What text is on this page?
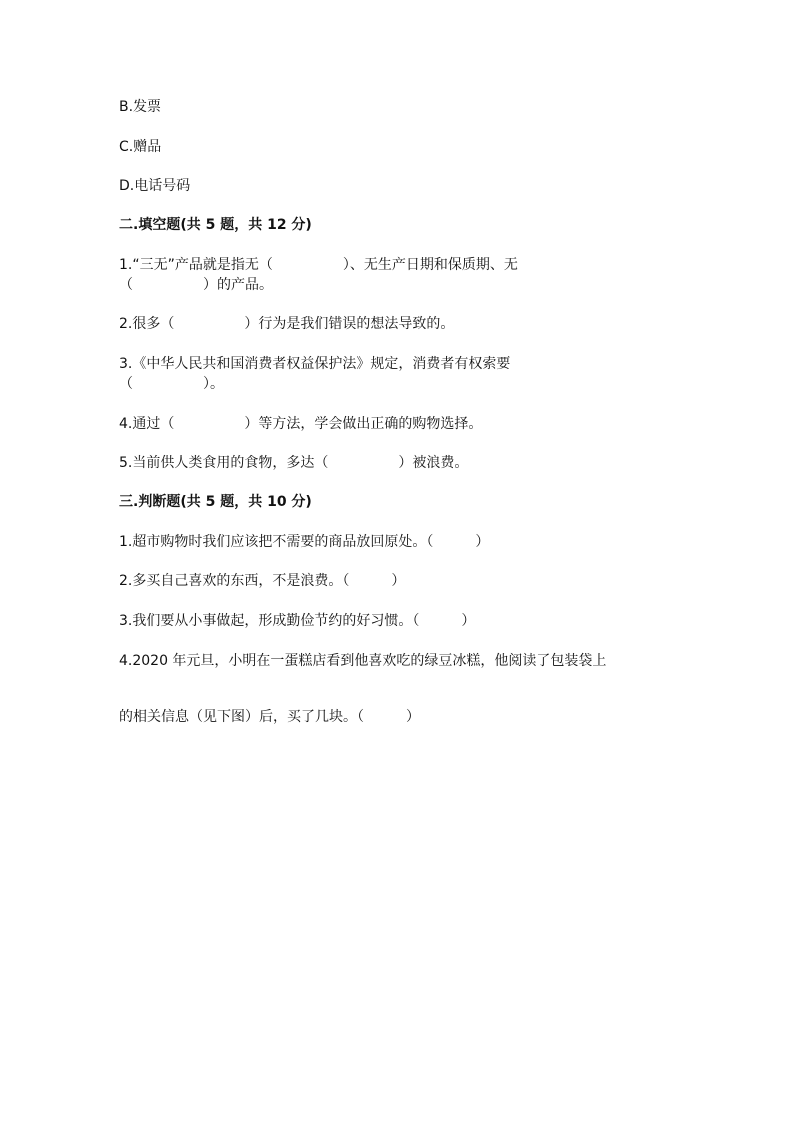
B.发票
C.赠品
D.电话号码
二.填空题(共 5 题，共 12 分)
1.“三无”产品就是指无（　　　　　）、无生产日期和保质期、无
（　　　　　）的产品。
2.很多（　　　　　）行为是我们错误的想法导致的。
3.《中华人民共和国消费者权益保护法》规定，消费者有权索要
（　　　　　）。
4.通过（　　　　　）等方法，学会做出正确的购物选择。
5.当前供人类食用的食物，多达（　　　　　）被浪费。
三.判断题(共 5 题，共 10 分)
1.超市购物时我们应该把不需要的商品放回原处。（　　　）
2.多买自己喜欢的东西，不是浪费。（　　　）
3.我们要从小事做起，形成勤俭节约的好习惯。（　　　）
4.2020 年元旦，小明在一蛋糕店看到他喜欢吃的绿豆冰糕，他阅读了包装袋上
的相关信息（见下图）后，买了几块。（　　　）
